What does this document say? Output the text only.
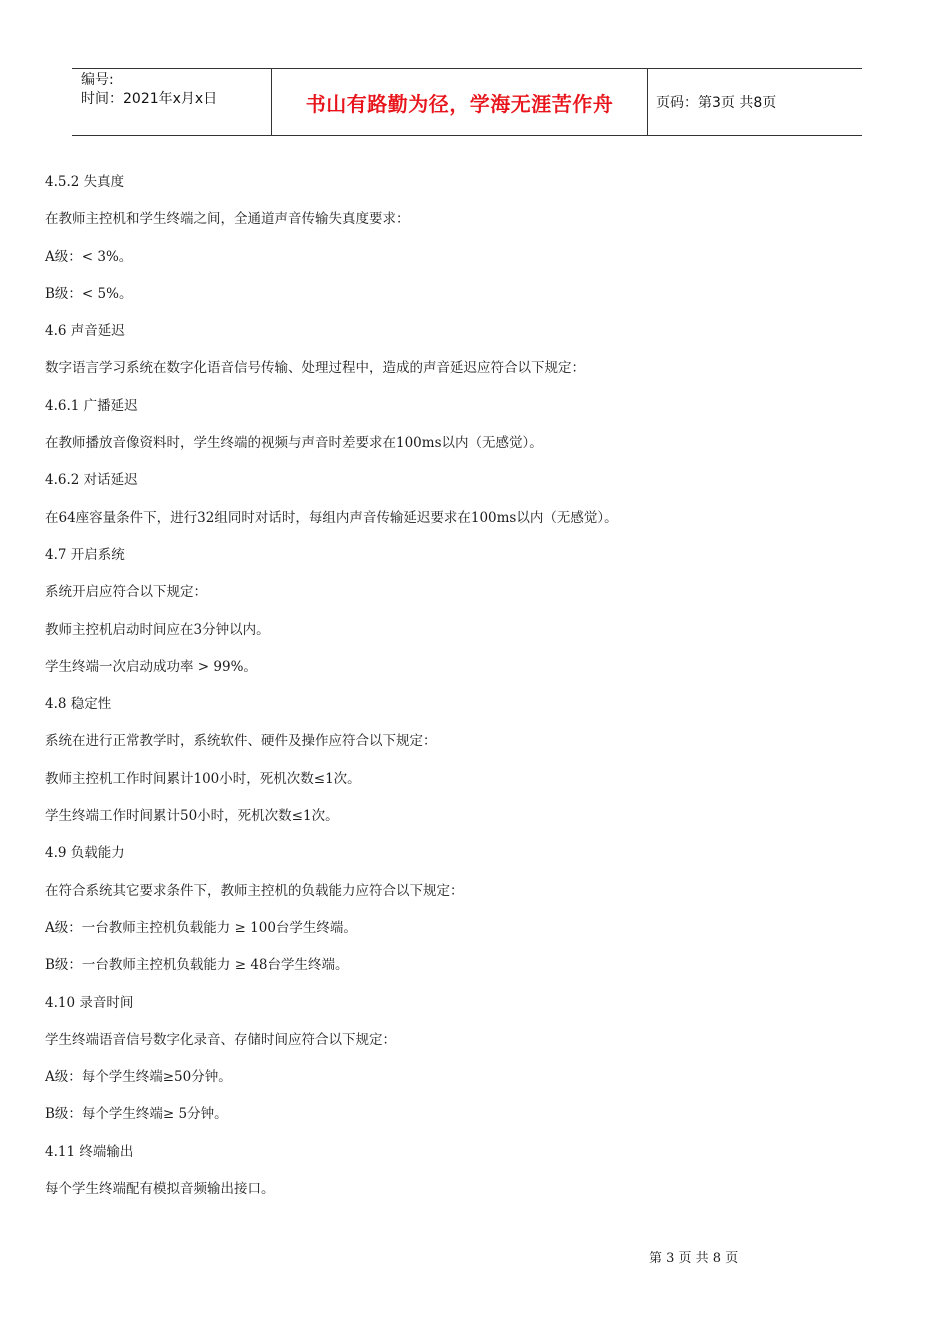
编号:
时间：2021年x月x日	书山有路勤为径，学海无涯苦作舟	页码：第3页 共8页
4.5.2 失真度
在教师主控机和学生终端之间，全通道声音传输失真度要求：
A级：< 3%。
B级：< 5%。
4.6 声音延迟
数字语言学习系统在数字化语音信号传输、处理过程中，造成的声音延迟应符合以下规定：
4.6.1 广播延迟
在教师播放音像资料时，学生终端的视频与声音时差要求在100ms以内（无感觉）。
4.6.2 对话延迟
在64座容量条件下，进行32组同时对话时，每组内声音传输延迟要求在100ms以内（无感觉）。
4.7 开启系统
系统开启应符合以下规定：
教师主控机启动时间应在3分钟以内。
学生终端一次启动成功率 > 99%。
4.8 稳定性
系统在进行正常教学时，系统软件、硬件及操作应符合以下规定：
教师主控机工作时间累计100小时，死机次数≤1次。
学生终端工作时间累计50小时，死机次数≤1次。
4.9 负载能力
在符合系统其它要求条件下，教师主控机的负载能力应符合以下规定：
A级：一台教师主控机负载能力 ≥ 100台学生终端。
B级：一台教师主控机负载能力 ≥ 48台学生终端。
4.10 录音时间
学生终端语音信号数字化录音、存储时间应符合以下规定：
A级：每个学生终端≥50分钟。
B级：每个学生终端≥ 5分钟。
4.11 终端输出
每个学生终端配有模拟音频输出接口。
第 3 页 共 8 页
